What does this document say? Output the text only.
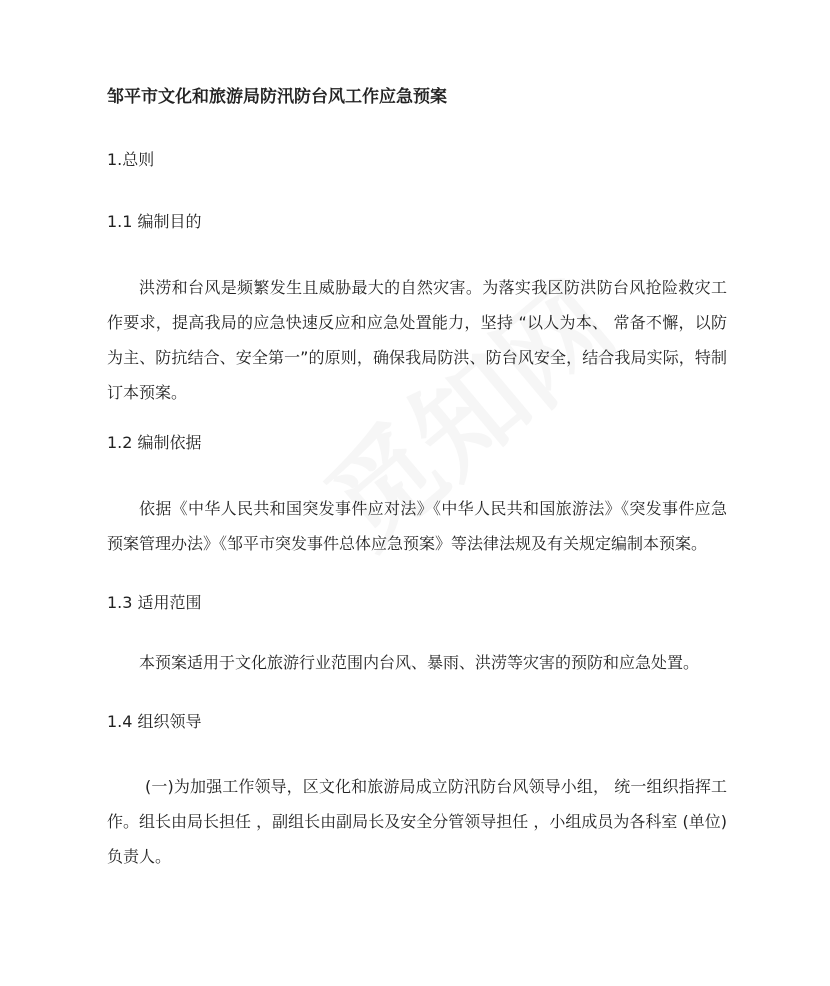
邹平市文化和旅游局防汛防台风工作应急预案
1.总则
1.1 编制目的
洪涝和台风是频繁发生且威胁最大的自然灾害。为落实我区防洪防台风抢险救灾工作要求，提高我局的应急快速反应和应急处置能力，坚持 “以人为本、 常备不懈，以防为主、防抗结合、安全第一”的原则，确保我局防洪、防台风安全，结合我局实际，特制订本预案。
1.2 编制依据
依据《中华人民共和国突发事件应对法》《中华人民共和国旅游法》《突发事件应急预案管理办法》《邹平市突发事件总体应急预案》等法律法规及有关规定编制本预案。
1.3 适用范围
本预案适用于文化旅游行业范围内台风、暴雨、洪涝等灾害的预防和应急处置。
1.4 组织领导
(一)为加强工作领导，区文化和旅游局成立防汛防台风领导小组， 统一组织指挥工作。组长由局长担任 ，副组长由副局长及安全分管领导担任 ，小组成员为各科室 (单位)负责人。
